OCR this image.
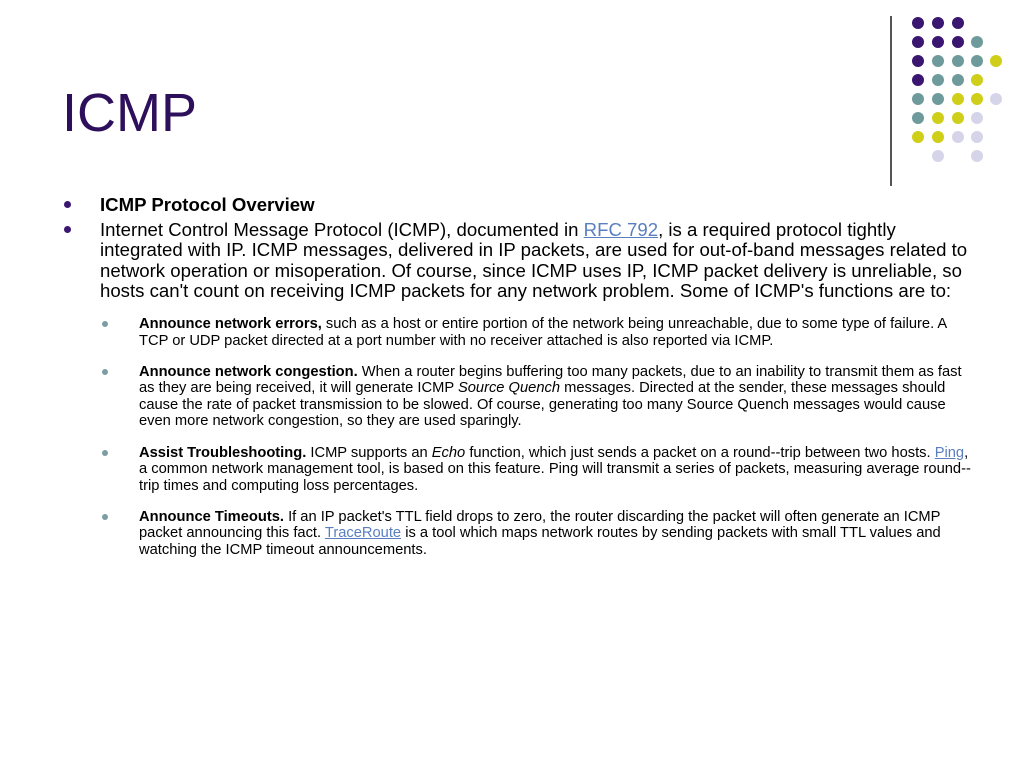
ICMP

ICMP Protocol Overview

Internet Control Message Protocol (ICMP), documented in RFC 792, is a required protocol tightly integrated with IP. ICMP messages, delivered in IP packets, are used for out-of-band messages related to network operation or misoperation. Of course, since ICMP uses IP, ICMP packet delivery is unreliable, so hosts can't count on receiving ICMP packets for any network problem. Some of ICMP's functions are to:

Announce network errors, such as a host or entire portion of the network being unreachable, due to some type of failure. A TCP or UDP packet directed at a port number with no receiver attached is also reported via ICMP.

Announce network congestion. When a router begins buffering too many packets, due to an inability to transmit them as fast as they are being received, it will generate ICMP Source Quench messages. Directed at the sender, these messages should cause the rate of packet transmission to be slowed. Of course, generating too many Source Quench messages would cause even more network congestion, so they are used sparingly.

Assist Troubleshooting. ICMP supports an Echo function, which just sends a packet on a round--trip between two hosts. Ping, a common network management tool, is based on this feature. Ping will transmit a series of packets, measuring average round--trip times and computing loss percentages.

Announce Timeouts. If an IP packet's TTL field drops to zero, the router discarding the packet will often generate an ICMP packet announcing this fact. TraceRoute is a tool which maps network routes by sending packets with small TTL values and watching the ICMP timeout announcements.
